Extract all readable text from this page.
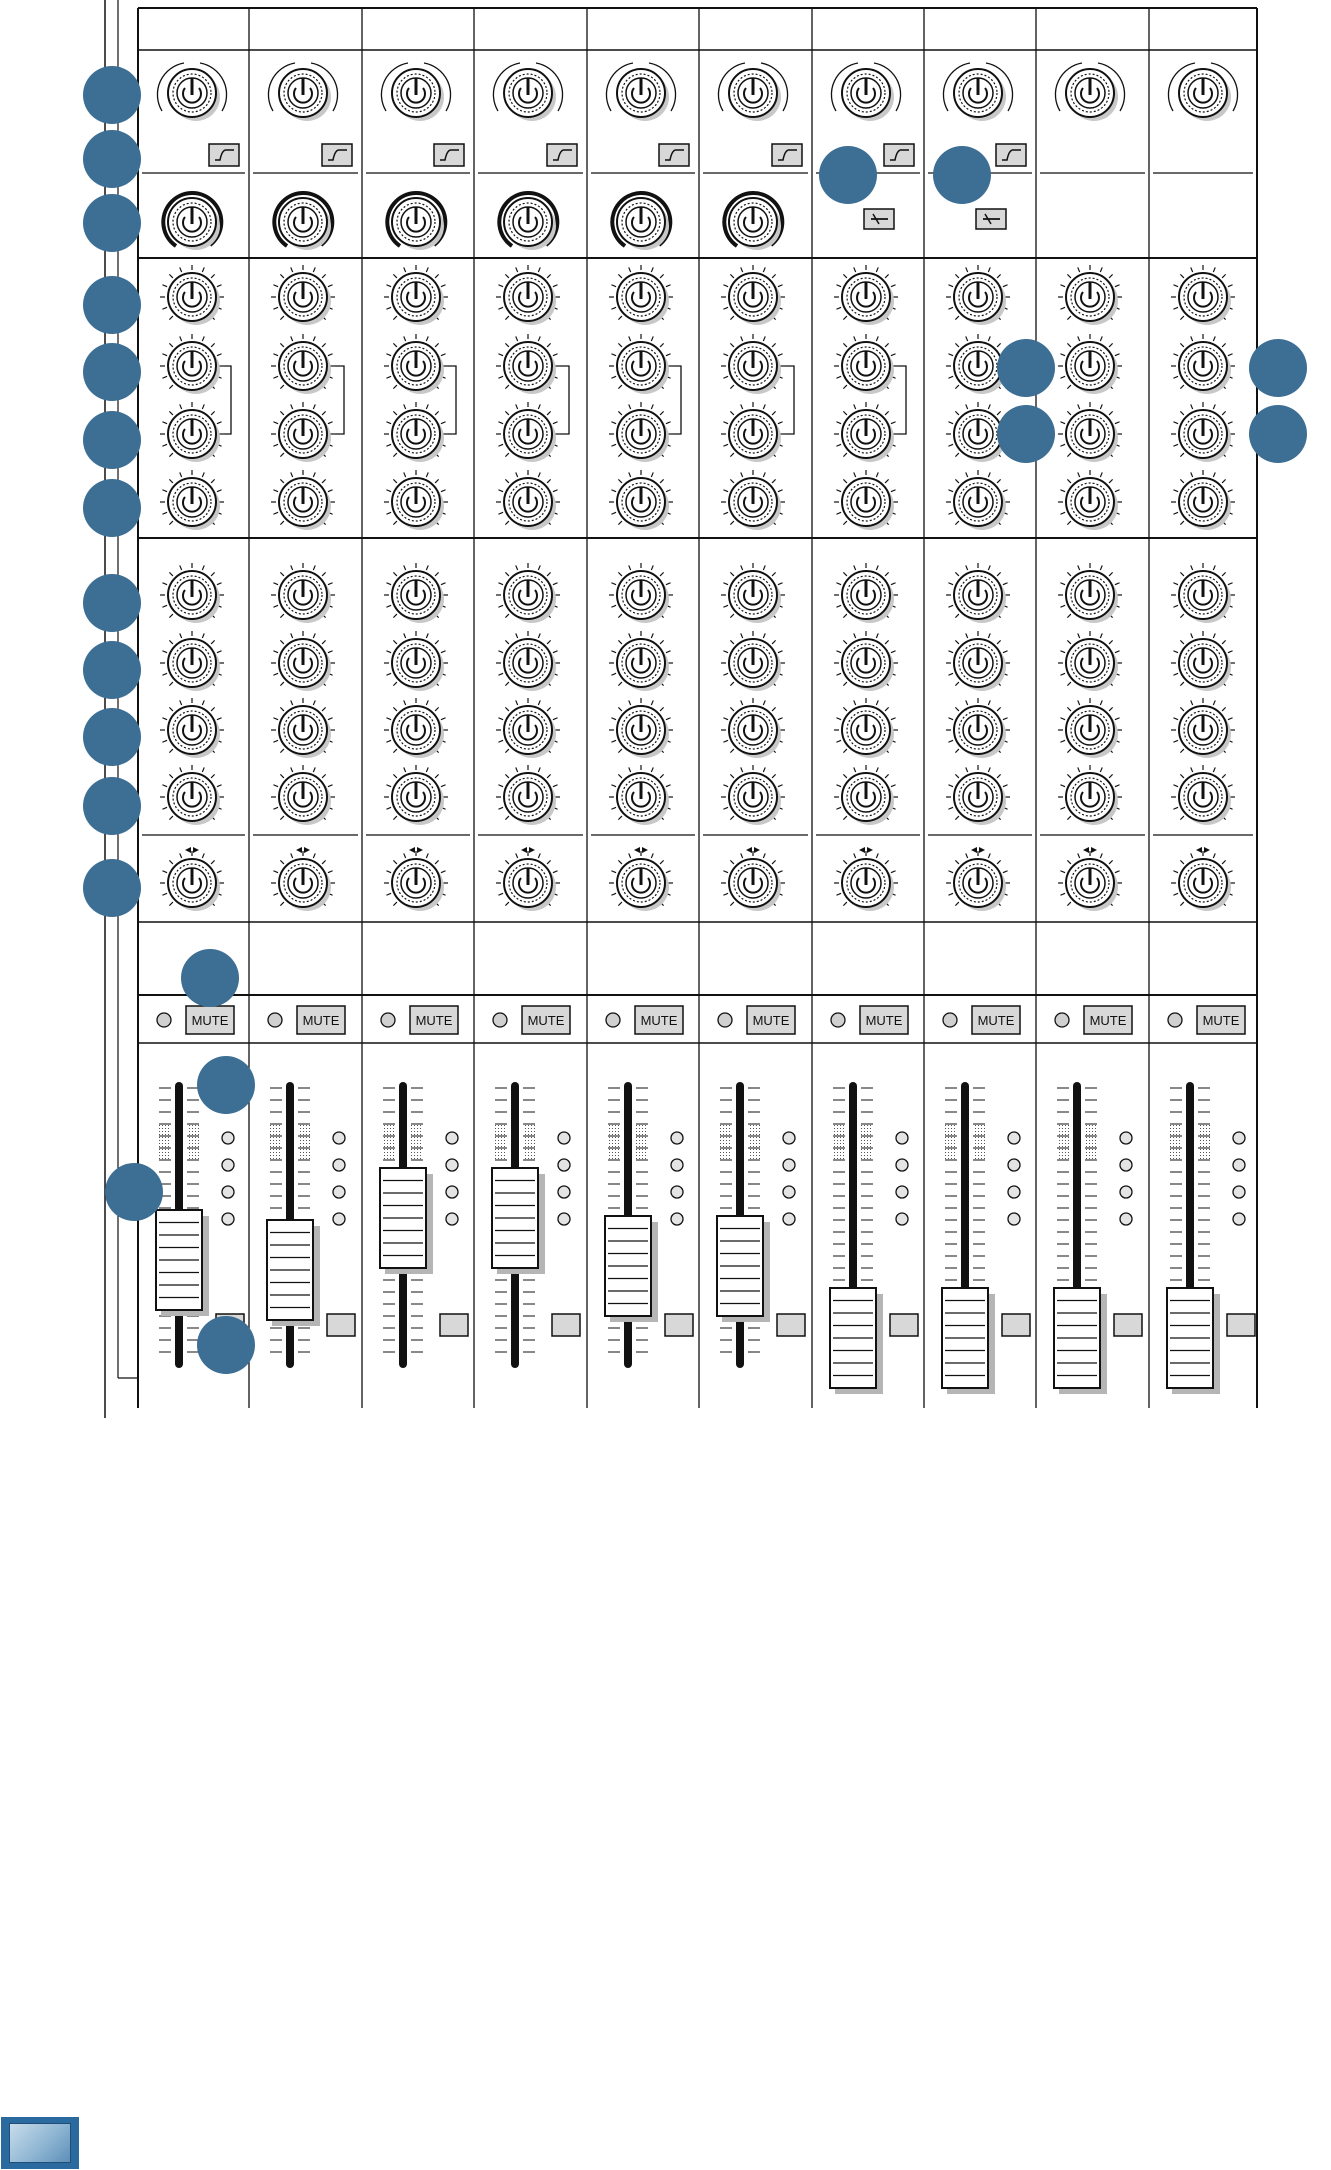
MUTE	MUTE	MUTE	MUTE	MUTE	MUTE	MUTE	MUTE	MUTE	MUTE
